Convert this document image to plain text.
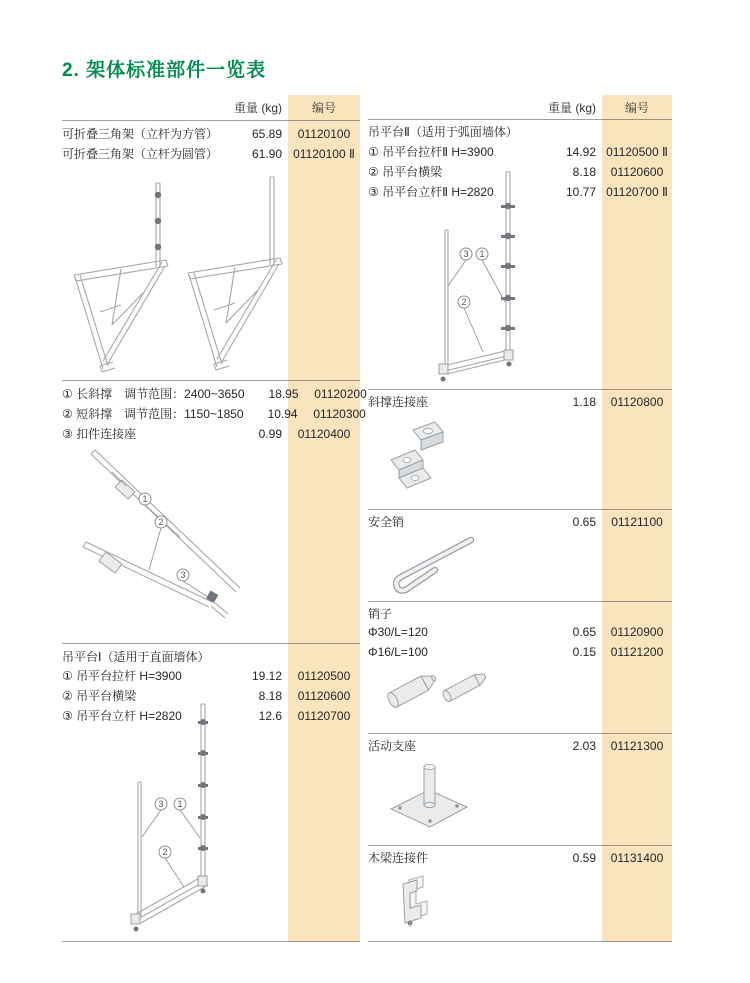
2. 架体标准部件一览表
重量 (kg)	编号
可折叠三角架（立杆为方管）	65.89	01120100
可折叠三角架（立杆为圆管）	61.90 01120100 Ⅱ
① 长斜撑　调节范围：2400~3650	18.95	01120200
② 短斜撑　调节范围：1150~1850	10.94	01120300
③ 扣件连接座	0.99	01120400
1
2
3
吊平台Ⅰ（适用于直面墙体）
① 吊平台拉杆 H=3900	19.12	01120500
② 吊平台横梁	8.18	01120600
③ 吊平台立杆 H=2820	12.6	01120700
3 1
2
重量 (kg)	编号
吊平台Ⅱ（适用于弧面墙体）
① 吊平台拉杆Ⅱ H=3900	14.92 01120500 Ⅱ
② 吊平台横梁	8.18	01120600
③ 吊平台立杆Ⅱ H=2820	10.77 01120700 Ⅱ
3 1
2
斜撑连接座	1.18	01120800
安全销	0.65	01121100
销子
Φ30/L=120	0.65	01120900
Φ16/L=100	0.15	01121200
活动支座	2.03	01121300
木梁连接件	0.59	01131400
